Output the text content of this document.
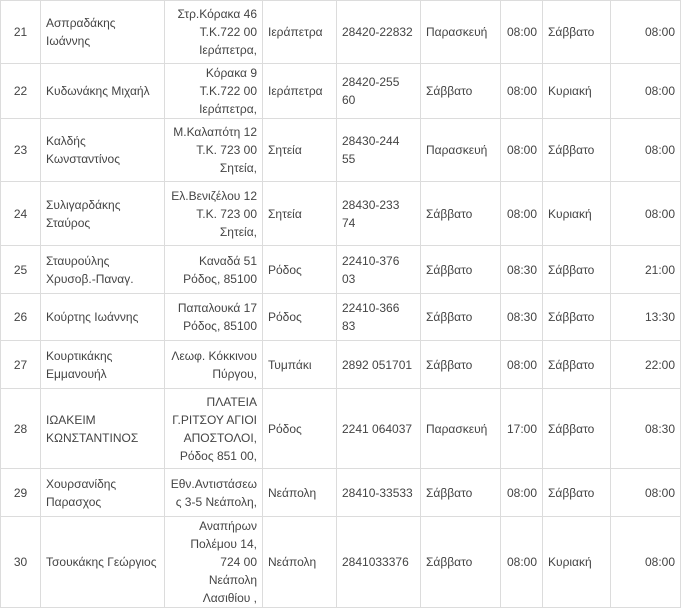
21	Ασπραδάκης Ιωάννης	Στρ.Κόρακα 46 Τ.Κ.722 00 Ιεράπετρα,	Ιεράπετρα	28420-22832	Παρασκευή	08:00	Σάββατο	08:00
22	Κυδωνάκης Μιχαήλ	Κόρακα 9 Τ.Κ.722 00 Ιεράπετρα,	Ιεράπετρα	28420-255 60	Σάββατο	08:00	Κυριακή	08:00
23	Καλδής Κωνσταντίνος	Μ.Καλαπότη 12 Τ.Κ. 723 00 Σητεία,	Σητεία	28430-244 55	Παρασκευή	08:00	Σάββατο	08:00
24	Συλιγαρδάκης Σταύρος	Ελ.Βενιζέλου 12 Τ.Κ. 723 00 Σητεία,	Σητεία	28430-233 74	Σάββατο	08:00	Κυριακή	08:00
25	Σταυρούλης Χρυσοβ.-Παναγ.	Καναδά 51 Ρόδος, 85100	Ρόδος	22410-376 03	Σάββατο	08:30	Σάββατο	21:00
26	Κούρτης Ιωάννης	Παπαλουκά 17 Ρόδος, 85100	Ρόδος	22410-366 83	Σάββατο	08:30	Σάββατο	13:30
27	Κουρτικάκης Εμμανουήλ	Λεωφ. Κόκκινου Πύργου,	Τυμπάκι	2892 051701	Σάββατο	08:00	Σάββατο	22:00
28	ΙΩΑΚΕΙΜ ΚΩΝΣΤΑΝΤΙΝΟΣ	ΠΛΑΤΕΙΑ Γ.ΡΙΤΣΟΥ ΑΓΙΟΙ ΑΠΟΣΤΟΛΟΙ, Ρόδος 851 00,	Ρόδος	2241 064037	Παρασκευή	17:00	Σάββατο	08:30
29	Χουρσανίδης Παρασχος	Εθν.Αντιστάσεως 3-5 Νεάπολη,	Νεάπολη	28410-33533	Σάββατο	08:00	Σάββατο	08:00
30	Τσουκάκης Γεώργιος	Αναπήρων Πολέμου 14, 724 00 Νεάπολη Λασιθίου ,	Νεάπολη	2841033376	Σάββατο	08:00	Κυριακή	08:00
